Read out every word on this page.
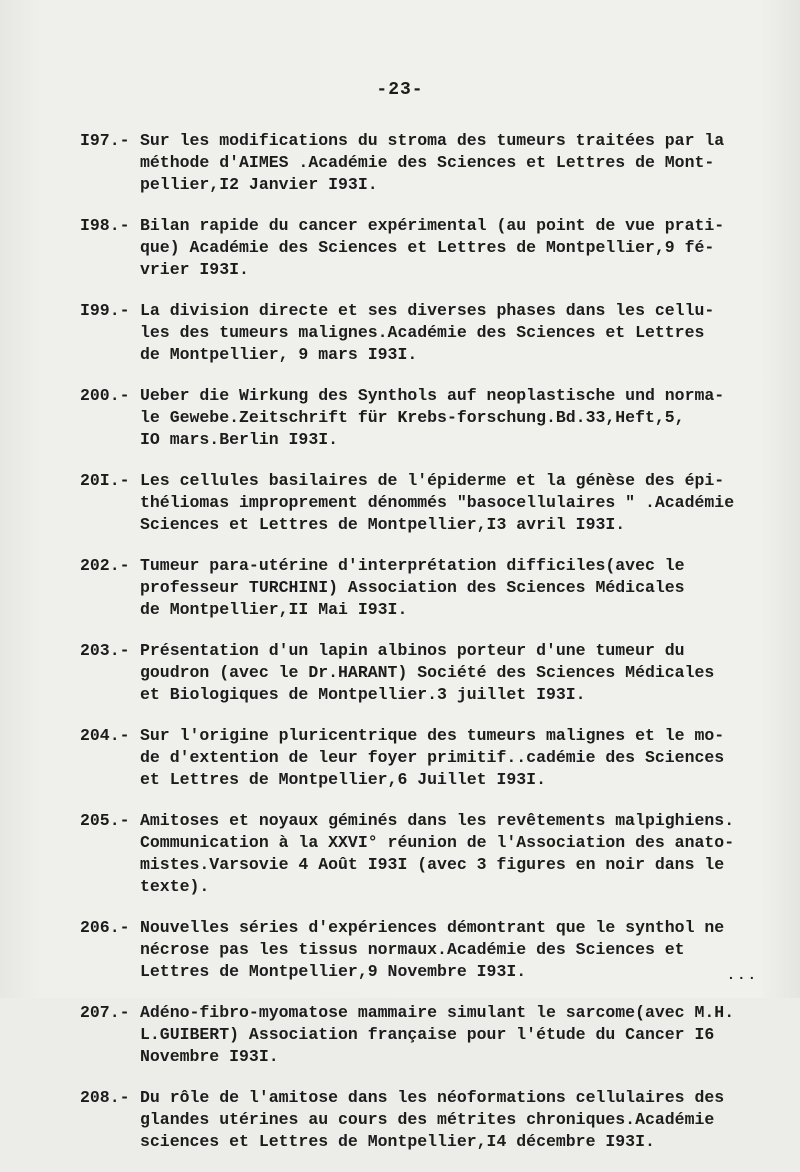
-23-
I97.- Sur les modifications du stroma des tumeurs traitées par la
méthode d'AIMES .Académie des Sciences et Lettres de Mont-
pellier,I2 Janvier I93I.
I98.- Bilan rapide du cancer expérimental (au point de vue prati-
que) Académie des Sciences et Lettres de Montpellier,9 fé-
vrier I93I.
I99.- La division directe et ses diverses phases dans les cellu-
les des tumeurs malignes.Académie des Sciences et Lettres
de Montpellier, 9 mars I93I.
200.- Ueber die Wirkung des Synthols auf neoplastische und norma-
le Gewebe.Zeitschrift für Krebs-forschung.Bd.33,Heft,5,
IO mars.Berlin I93I.
20I.- Les cellules basilaires de l'épiderme et la génèse des épi-
théliomas improprement dénommés "basocellulaires " .Académie
Sciences et Lettres de Montpellier,I3 avril I93I.
202.- Tumeur para-utérine d'interprétation difficiles(avec le
professeur TURCHINI) Association des Sciences Médicales
de Montpellier,II Mai I93I.
203.- Présentation d'un lapin albinos porteur d'une tumeur du
goudron (avec le Dr.HARANT) Société des Sciences Médicales
et Biologiques de Montpellier.3 juillet I93I.
204.- Sur l'origine pluricentrique des tumeurs malignes et le mo-
de d'extention de leur foyer primitif..cadémie des Sciences
et Lettres de Montpellier,6 Juillet I93I.
205.- Amitoses et noyaux géminés dans les revêtements malpighiens.
Communication à la XXVI° réunion de l'Association des anato-
mistes.Varsovie 4 Août I93I (avec 3 figures en noir dans le
texte).
206.- Nouvelles séries d'expériences démontrant que le synthol ne
nécrose pas les tissus normaux.Académie des Sciences et
Lettres de Montpellier,9 Novembre I93I.
207.- Adéno-fibro-myomatose mammaire simulant le sarcome(avec M.H.
L.GUIBERT) Association française pour l'étude du Cancer I6
Novembre I93I.
208.- Du rôle de l'amitose dans les néoformations cellulaires des
glandes utérines au cours des métrites chroniques.Académie
sciences et Lettres de Montpellier,I4 décembre I93I.
...
